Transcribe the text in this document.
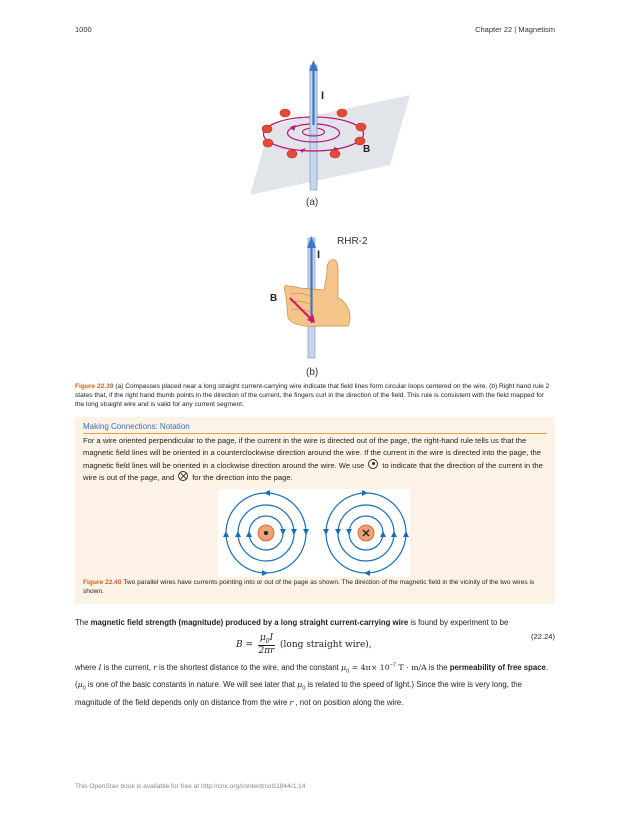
1000	Chapter 22 | Magnetism
I
B
(a)
RHR-2
I
B
(b)
Figure 22.39 (a) Compasses placed near a long straight current-carrying wire indicate that field lines form circular loops centered on the wire. (b) Right hand rule 2 states that, if the right hand thumb points in the direction of the current, the fingers curl in the direction of the field. This rule is consistent with the field mapped for the long straight wire and is valid for any current segment.
Making Connections: Notation
For a wire oriented perpendicular to the page, if the current in the wire is directed out of the page, the right-hand rule tells us that the magnetic field lines will be oriented in a counterclockwise direction around the wire. If the current in the wire is directed into the page, the magnetic field lines will be oriented in a clockwise direction around the wire. We use to indicate that the direction of the current in the wire is out of the page, and for the direction into the page.
Figure 22.40 Two parallel wires have currents pointing into or out of the page as shown. The direction of the magnetic field in the vicinity of the two wires is shown.
The magnetic field strength (magnitude) produced by a long straight current-carrying wire is found by experiment to be
$B = \frac{\mu_0I}{2\pi r}$ (long straight wire),
(22.24)
where I is the current, r is the shortest distance to the wire, and the constant $\mu_0 = 4\pi\times 10^{-7}$ T · m/A is the permeability of free space. ($\mu_0$ is one of the basic constants in nature. We will see later that $\mu_0$ is related to the speed of light.) Since the wire is very long, the magnitude of the field depends only on distance from the wire r , not on position along the wire.
This OpenStax book is available for free at http://cnx.org/content/col11844/1.14
